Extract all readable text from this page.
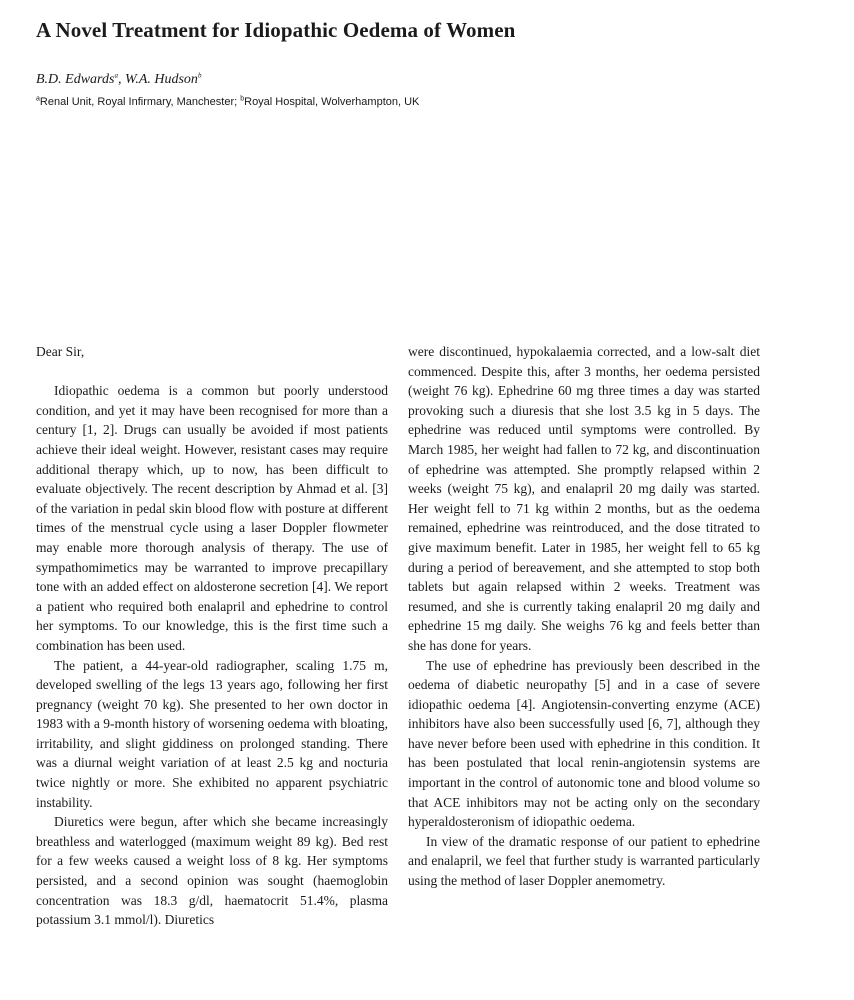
A Novel Treatment for Idiopathic Oedema of Women
B.D. Edwards$^a$, W.A. Hudson$^b$
$^a$Renal Unit, Royal Infirmary, Manchester; $^b$Royal Hospital, Wolverhampton, UK

Dear Sir,

Idiopathic oedema is a common but poorly understood condition, and yet it may have been recognised for more than a century [1, 2]. Drugs can usually be avoided if most patients achieve their ideal weight. However, resistant cases may require additional therapy which, up to now, has been difficult to evaluate objectively. The recent description by Ahmad et al. [3] of the variation in pedal skin blood flow with posture at different times of the menstrual cycle using a laser Doppler flowmeter may enable more thorough analysis of therapy. The use of sympathomimetics may be warranted to improve precapillary tone with an added effect on aldosterone secretion [4]. We report a patient who required both enalapril and ephedrine to control her symptoms. To our knowledge, this is the first time such a combination has been used.

The patient, a 44-year-old radiographer, scaling 1.75 m, developed swelling of the legs 13 years ago, following her first pregnancy (weight 70 kg). She presented to her own doctor in 1983 with a 9-month history of worsening oedema with bloating, irritability, and slight giddiness on prolonged standing. There was a diurnal weight variation of at least 2.5 kg and nocturia twice nightly or more. She exhibited no apparent psychiatric instability.

Diuretics were begun, after which she became increasingly breathless and waterlogged (maximum weight 89 kg). Bed rest for a few weeks caused a weight loss of 8 kg. Her symptoms persisted, and a second opinion was sought (haemoglobin concentration was 18.3 g/dl, haematocrit 51.4%, plasma potassium 3.1 mmol/l). Diuretics

were discontinued, hypokalaemia corrected, and a low-salt diet commenced. Despite this, after 3 months, her oedema persisted (weight 76 kg). Ephedrine 60 mg three times a day was started provoking such a diuresis that she lost 3.5 kg in 5 days. The ephedrine was reduced until symptoms were controlled. By March 1985, her weight had fallen to 72 kg, and discontinuation of ephedrine was attempted. She promptly relapsed within 2 weeks (weight 75 kg), and enalapril 20 mg daily was started. Her weight fell to 71 kg within 2 months, but as the oedema remained, ephedrine was reintroduced, and the dose titrated to give maximum benefit. Later in 1985, her weight fell to 65 kg during a period of bereavement, and she attempted to stop both tablets but again relapsed within 2 weeks. Treatment was resumed, and she is currently taking enalapril 20 mg daily and ephedrine 15 mg daily. She weighs 76 kg and feels better than she has done for years.

The use of ephedrine has previously been described in the oedema of diabetic neuropathy [5] and in a case of severe idiopathic oedema [4]. Angiotensin-converting enzyme (ACE) inhibitors have also been successfully used [6, 7], although they have never before been used with ephedrine in this condition. It has been postulated that local renin-angiotensin systems are important in the control of autonomic tone and blood volume so that ACE inhibitors may not be acting only on the secondary hyperaldosteronism of idiopathic oedema.

In view of the dramatic response of our patient to ephedrine and enalapril, we feel that further study is warranted particularly using the method of laser Doppler anemometry.
